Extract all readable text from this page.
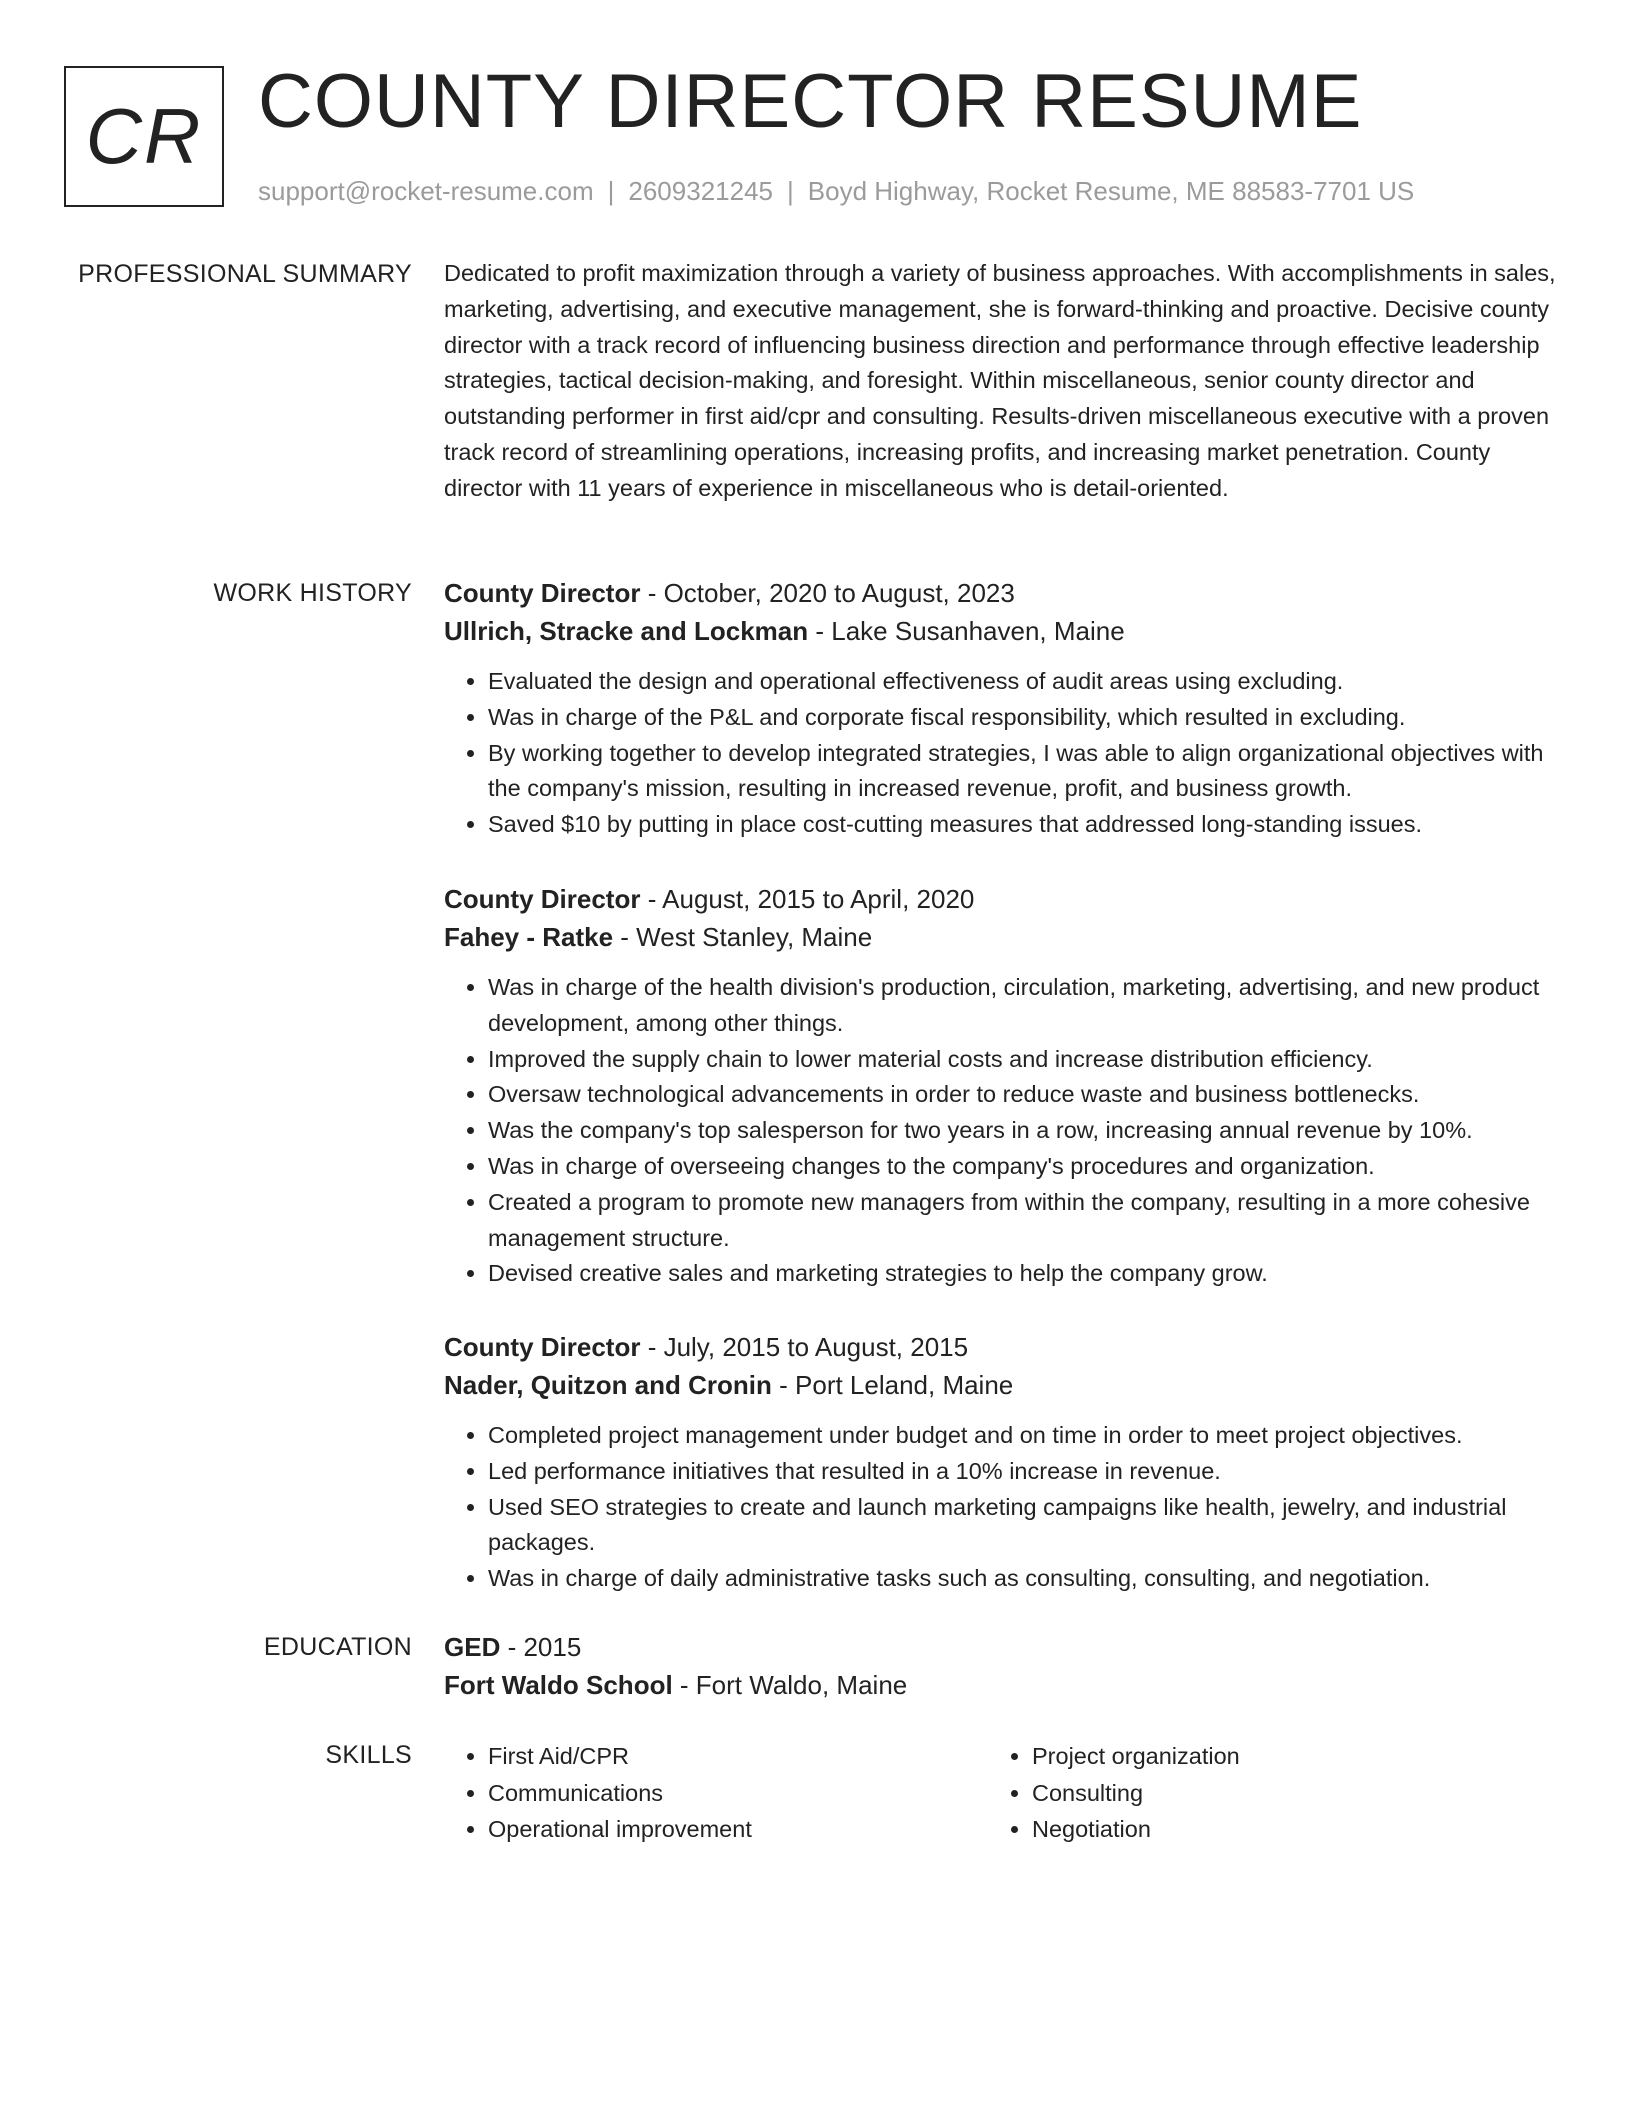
CR COUNTY DIRECTOR RESUME
support@rocket-resume.com | 2609321245 | Boyd Highway, Rocket Resume, ME 88583-7701 US
PROFESSIONAL SUMMARY Dedicated to profit maximization through a variety of business approaches. With accomplishments in sales, marketing, advertising, and executive management, she is forward-thinking and proactive. Decisive county director with a track record of influencing business direction and performance through effective leadership strategies, tactical decision-making, and foresight. Within miscellaneous, senior county director and outstanding performer in first aid/cpr and consulting. Results-driven miscellaneous executive with a proven track record of streamlining operations, increasing profits, and increasing market penetration. County director with 11 years of experience in miscellaneous who is detail-oriented.

WORK HISTORY County Director - October, 2020 to August, 2023
Ullrich, Stracke and Lockman - Lake Susanhaven, Maine
• Evaluated the design and operational effectiveness of audit areas using excluding.
• Was in charge of the P&L and corporate fiscal responsibility, which resulted in excluding.
• By working together to develop integrated strategies, I was able to align organizational objectives with the company's mission, resulting in increased revenue, profit, and business growth.
• Saved $10 by putting in place cost-cutting measures that addressed long-standing issues.
County Director - August, 2015 to April, 2020
Fahey - Ratke - West Stanley, Maine
• Was in charge of the health division's production, circulation, marketing, advertising, and new product development, among other things.
• Improved the supply chain to lower material costs and increase distribution efficiency.
• Oversaw technological advancements in order to reduce waste and business bottlenecks.
• Was the company's top salesperson for two years in a row, increasing annual revenue by 10%.
• Was in charge of overseeing changes to the company's procedures and organization.
• Created a program to promote new managers from within the company, resulting in a more cohesive management structure.
• Devised creative sales and marketing strategies to help the company grow.
County Director - July, 2015 to August, 2015
Nader, Quitzon and Cronin - Port Leland, Maine
• Completed project management under budget and on time in order to meet project objectives.
• Led performance initiatives that resulted in a 10% increase in revenue.
• Used SEO strategies to create and launch marketing campaigns like health, jewelry, and industrial packages.
• Was in charge of daily administrative tasks such as consulting, consulting, and negotiation.
EDUCATION GED - 2015
Fort Waldo School - Fort Waldo, Maine
SKILLS
•	First Aid/CPR
• Communications
• Operational improvement
• Project organization
• Consulting
• Negotiation
